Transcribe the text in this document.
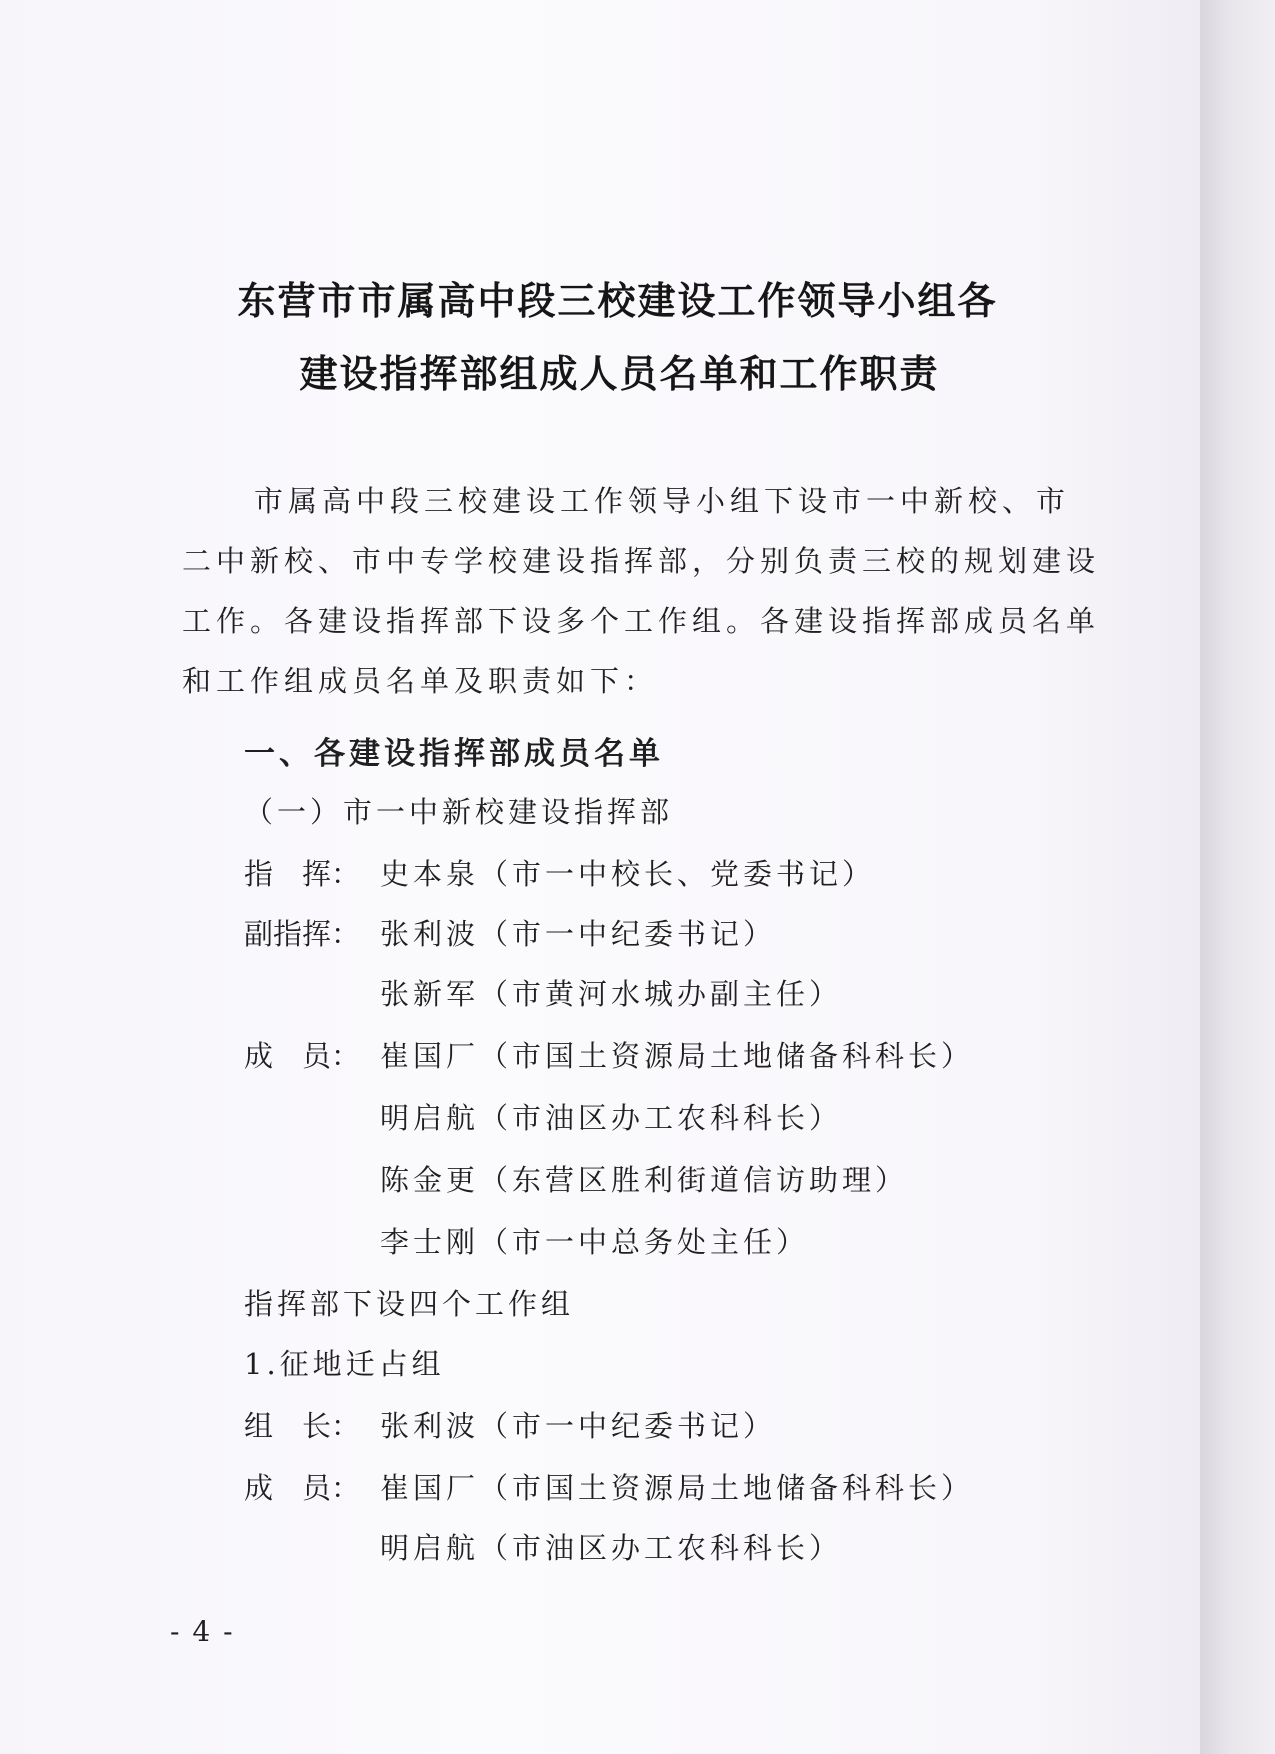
东营市市属高中段三校建设工作领导小组各
建设指挥部组成人员名单和工作职责
市属高中段三校建设工作领导小组下设市一中新校、市二中新校、市中专学校建设指挥部，分别负责三校的规划建设工作。各建设指挥部下设多个工作组。各建设指挥部成员名单和工作组成员名单及职责如下：
一、各建设指挥部成员名单
（一）市一中新校建设指挥部
指　挥： 史本泉（市一中校长、党委书记）
副指挥： 张利波（市一中纪委书记）
张新军（市黄河水城办副主任）
成　员： 崔国厂（市国土资源局土地储备科科长）
明启航（市油区办工农科科长）
陈金更（东营区胜利街道信访助理）
李士刚（市一中总务处主任）
指挥部下设四个工作组
1.征地迁占组
组　长： 张利波（市一中纪委书记）
成　员： 崔国厂（市国土资源局土地储备科科长）
明启航（市油区办工农科科长）
- 4 -
